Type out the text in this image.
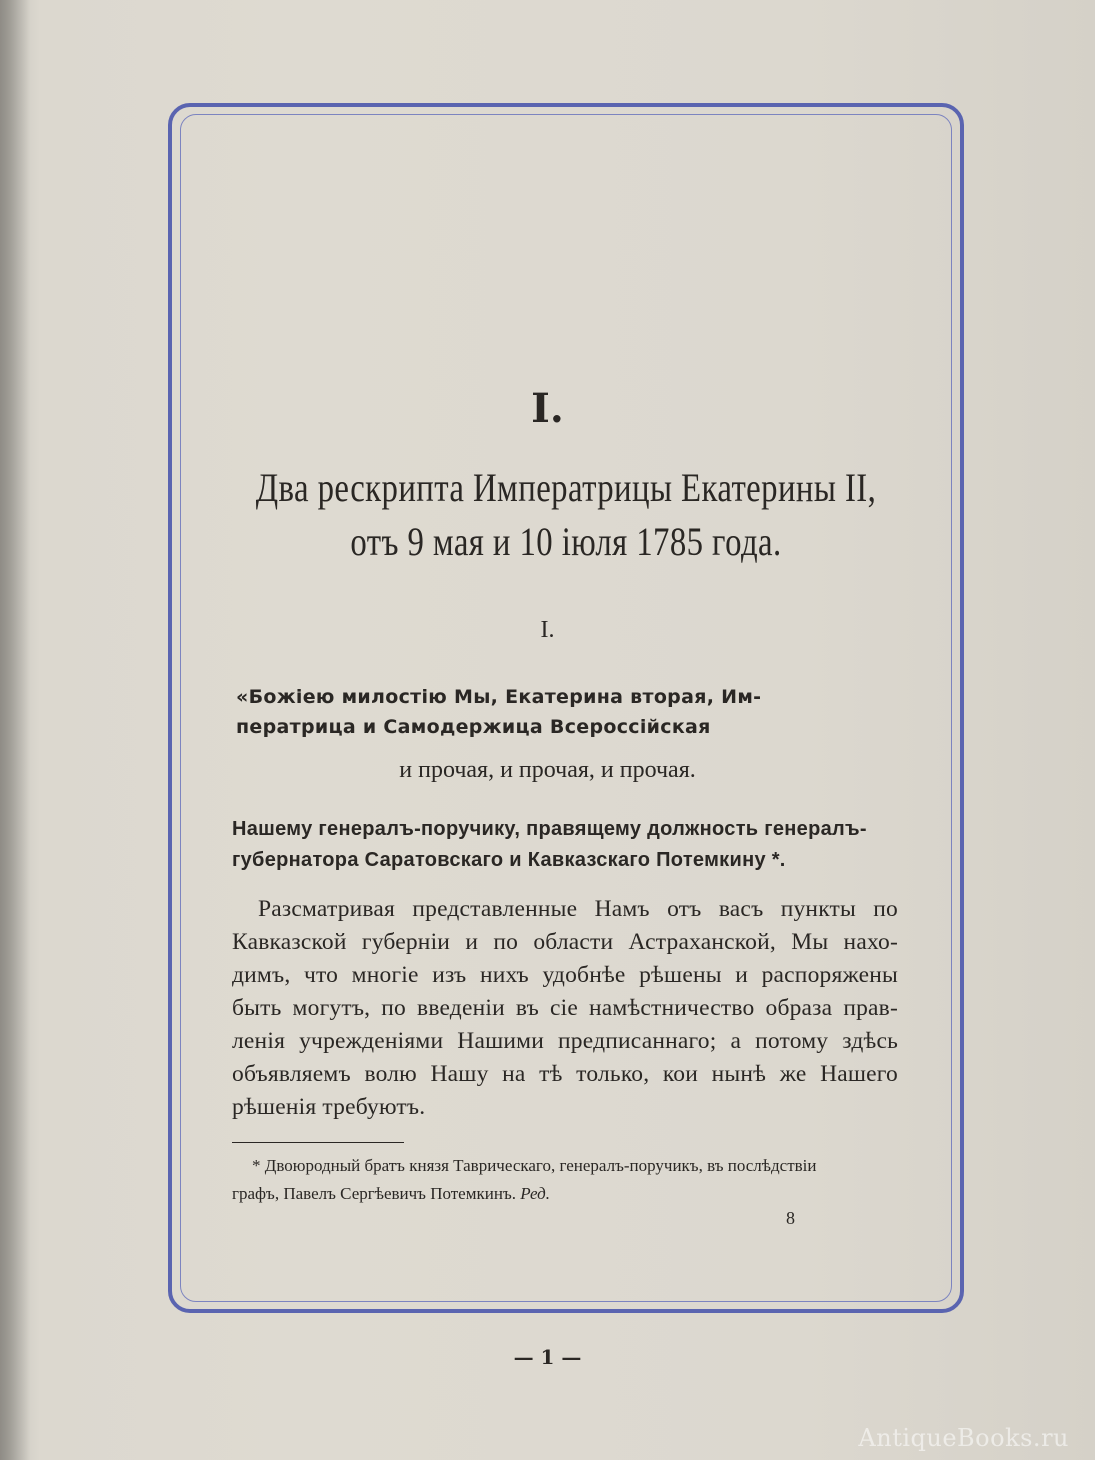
I.
Два рескрипта Императрицы Екатерины II,
отъ 9 мая и 10 iюля 1785 года.
I.
«Божiею милостiю Мы, Екатерина вторая, Им-
ператрица и Самодержица Всероссiйская
и прочая, и прочая, и прочая.
Нашему генералъ-поручику, правящему должность генералъ-
губернатора Саратовскаго и Кавказскаго Потемкину *.
Разсматривая представленные Намъ отъ васъ пункты по
Кавказской губернiи и по области Астраханской, Мы нахо-
димъ, что многiе изъ нихъ удобнѣе рѣшены и распоряжены
быть могутъ, по введенiи въ сiе намѣстничество образа прав-
ленiя учрежденiями Нашими предписаннаго; а потому здѣсь
объявляемъ волю Нашу на тѣ только, кои нынѣ же Нашего
рѣшенiя требуютъ.
* Двоюродный братъ князя Таврическаго, генералъ-поручикъ, въ послѣдствiи
графъ, Павелъ Сергѣевичъ Потемкинъ. Ред.
8
— 1 —
AntiqueBooks.ru
